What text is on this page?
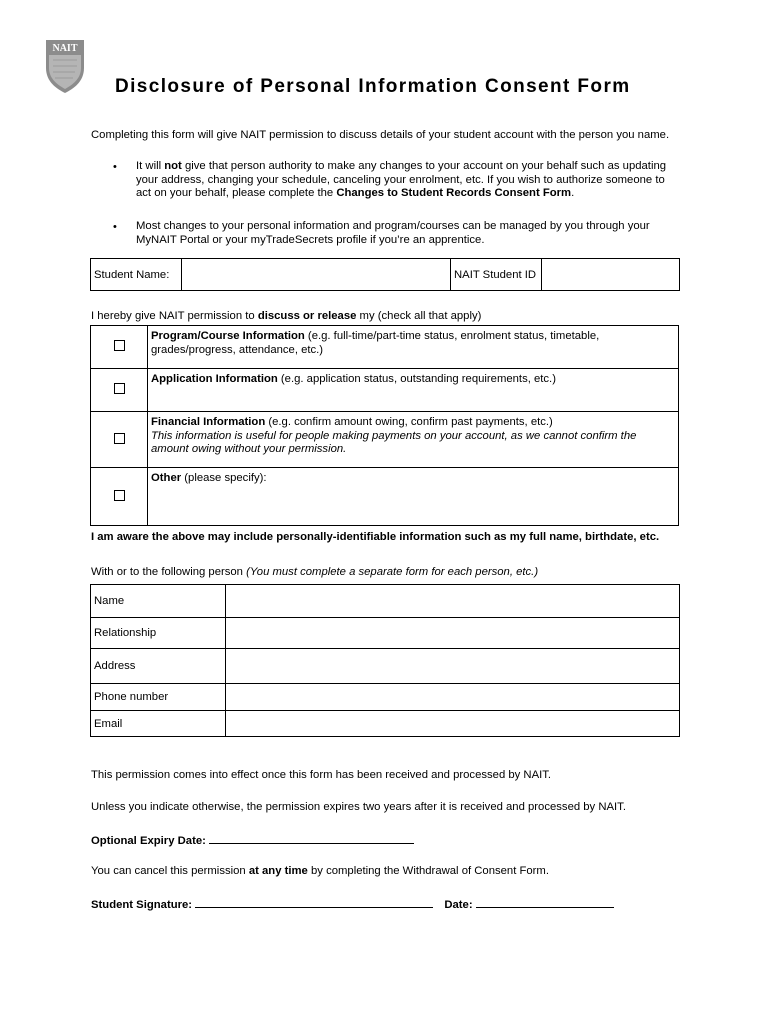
NAIT
Disclosure of Personal Information Consent Form
Completing this form will give NAIT permission to discuss details of your student account with the person you name.
• It will not give that person authority to make any changes to your account on your behalf such as updating your address, changing your schedule, canceling your enrolment, etc. If you wish to authorize someone to act on your behalf, please complete the Changes to Student Records Consent Form.
• Most changes to your personal information and program/courses can be managed by you through your MyNAIT Portal or your myTradeSecrets profile if you’re an apprentice.
Student Name:		NAIT Student ID	
I hereby give NAIT permission to discuss or release my (check all that apply)
	Program/Course Information (e.g. full-time/part-time status, enrolment status, timetable, grades/progress, attendance, etc.)
	Application Information (e.g. application status, outstanding requirements, etc.)
	Financial Information (e.g. confirm amount owing, confirm past payments, etc.)
This information is useful for people making payments on your account, as we cannot confirm the amount owing without your permission.
	Other (please specify):
I am aware the above may include personally-identifiable information such as my full name, birthdate, etc.
With or to the following person (You must complete a separate form for each person, etc.)
Name	
Relationship	
Address	
Phone number	
Email	
This permission comes into effect once this form has been received and processed by NAIT.
Unless you indicate otherwise, the permission expires two years after it is received and processed by NAIT.
Optional Expiry Date:
You can cancel this permission at any time by completing the Withdrawal of Consent Form.
Student Signature:	Date:
